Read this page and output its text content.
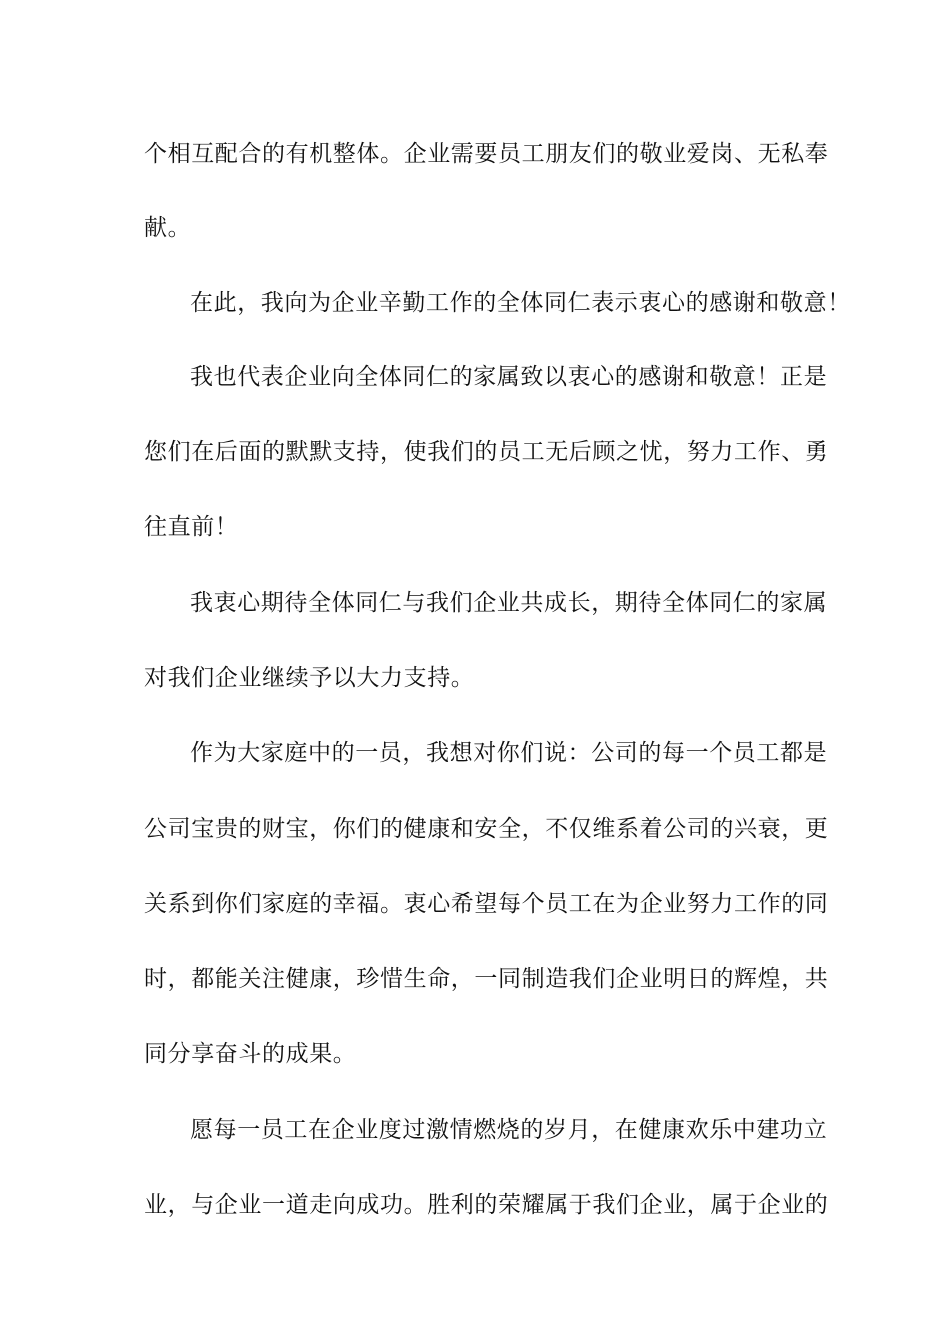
个相互配合的有机整体。企业需要员工朋友们的敬业爱岗、无私奉
献。
在此，我向为企业辛勤工作的全体同仁表示衷心的感谢和敬意！
我也代表企业向全体同仁的家属致以衷心的感谢和敬意！正是
您们在后面的默默支持，使我们的员工无后顾之忧，努力工作、勇
往直前！
我衷心期待全体同仁与我们企业共成长，期待全体同仁的家属
对我们企业继续予以大力支持。
作为大家庭中的一员，我想对你们说：公司的每一个员工都是
公司宝贵的财宝，你们的健康和安全，不仅维系着公司的兴衰，更
关系到你们家庭的幸福。衷心希望每个员工在为企业努力工作的同
时，都能关注健康，珍惜生命，一同制造我们企业明日的辉煌，共
同分享奋斗的成果。
愿每一员工在企业度过激情燃烧的岁月，在健康欢乐中建功立
业，与企业一道走向成功。胜利的荣耀属于我们企业，属于企业的
